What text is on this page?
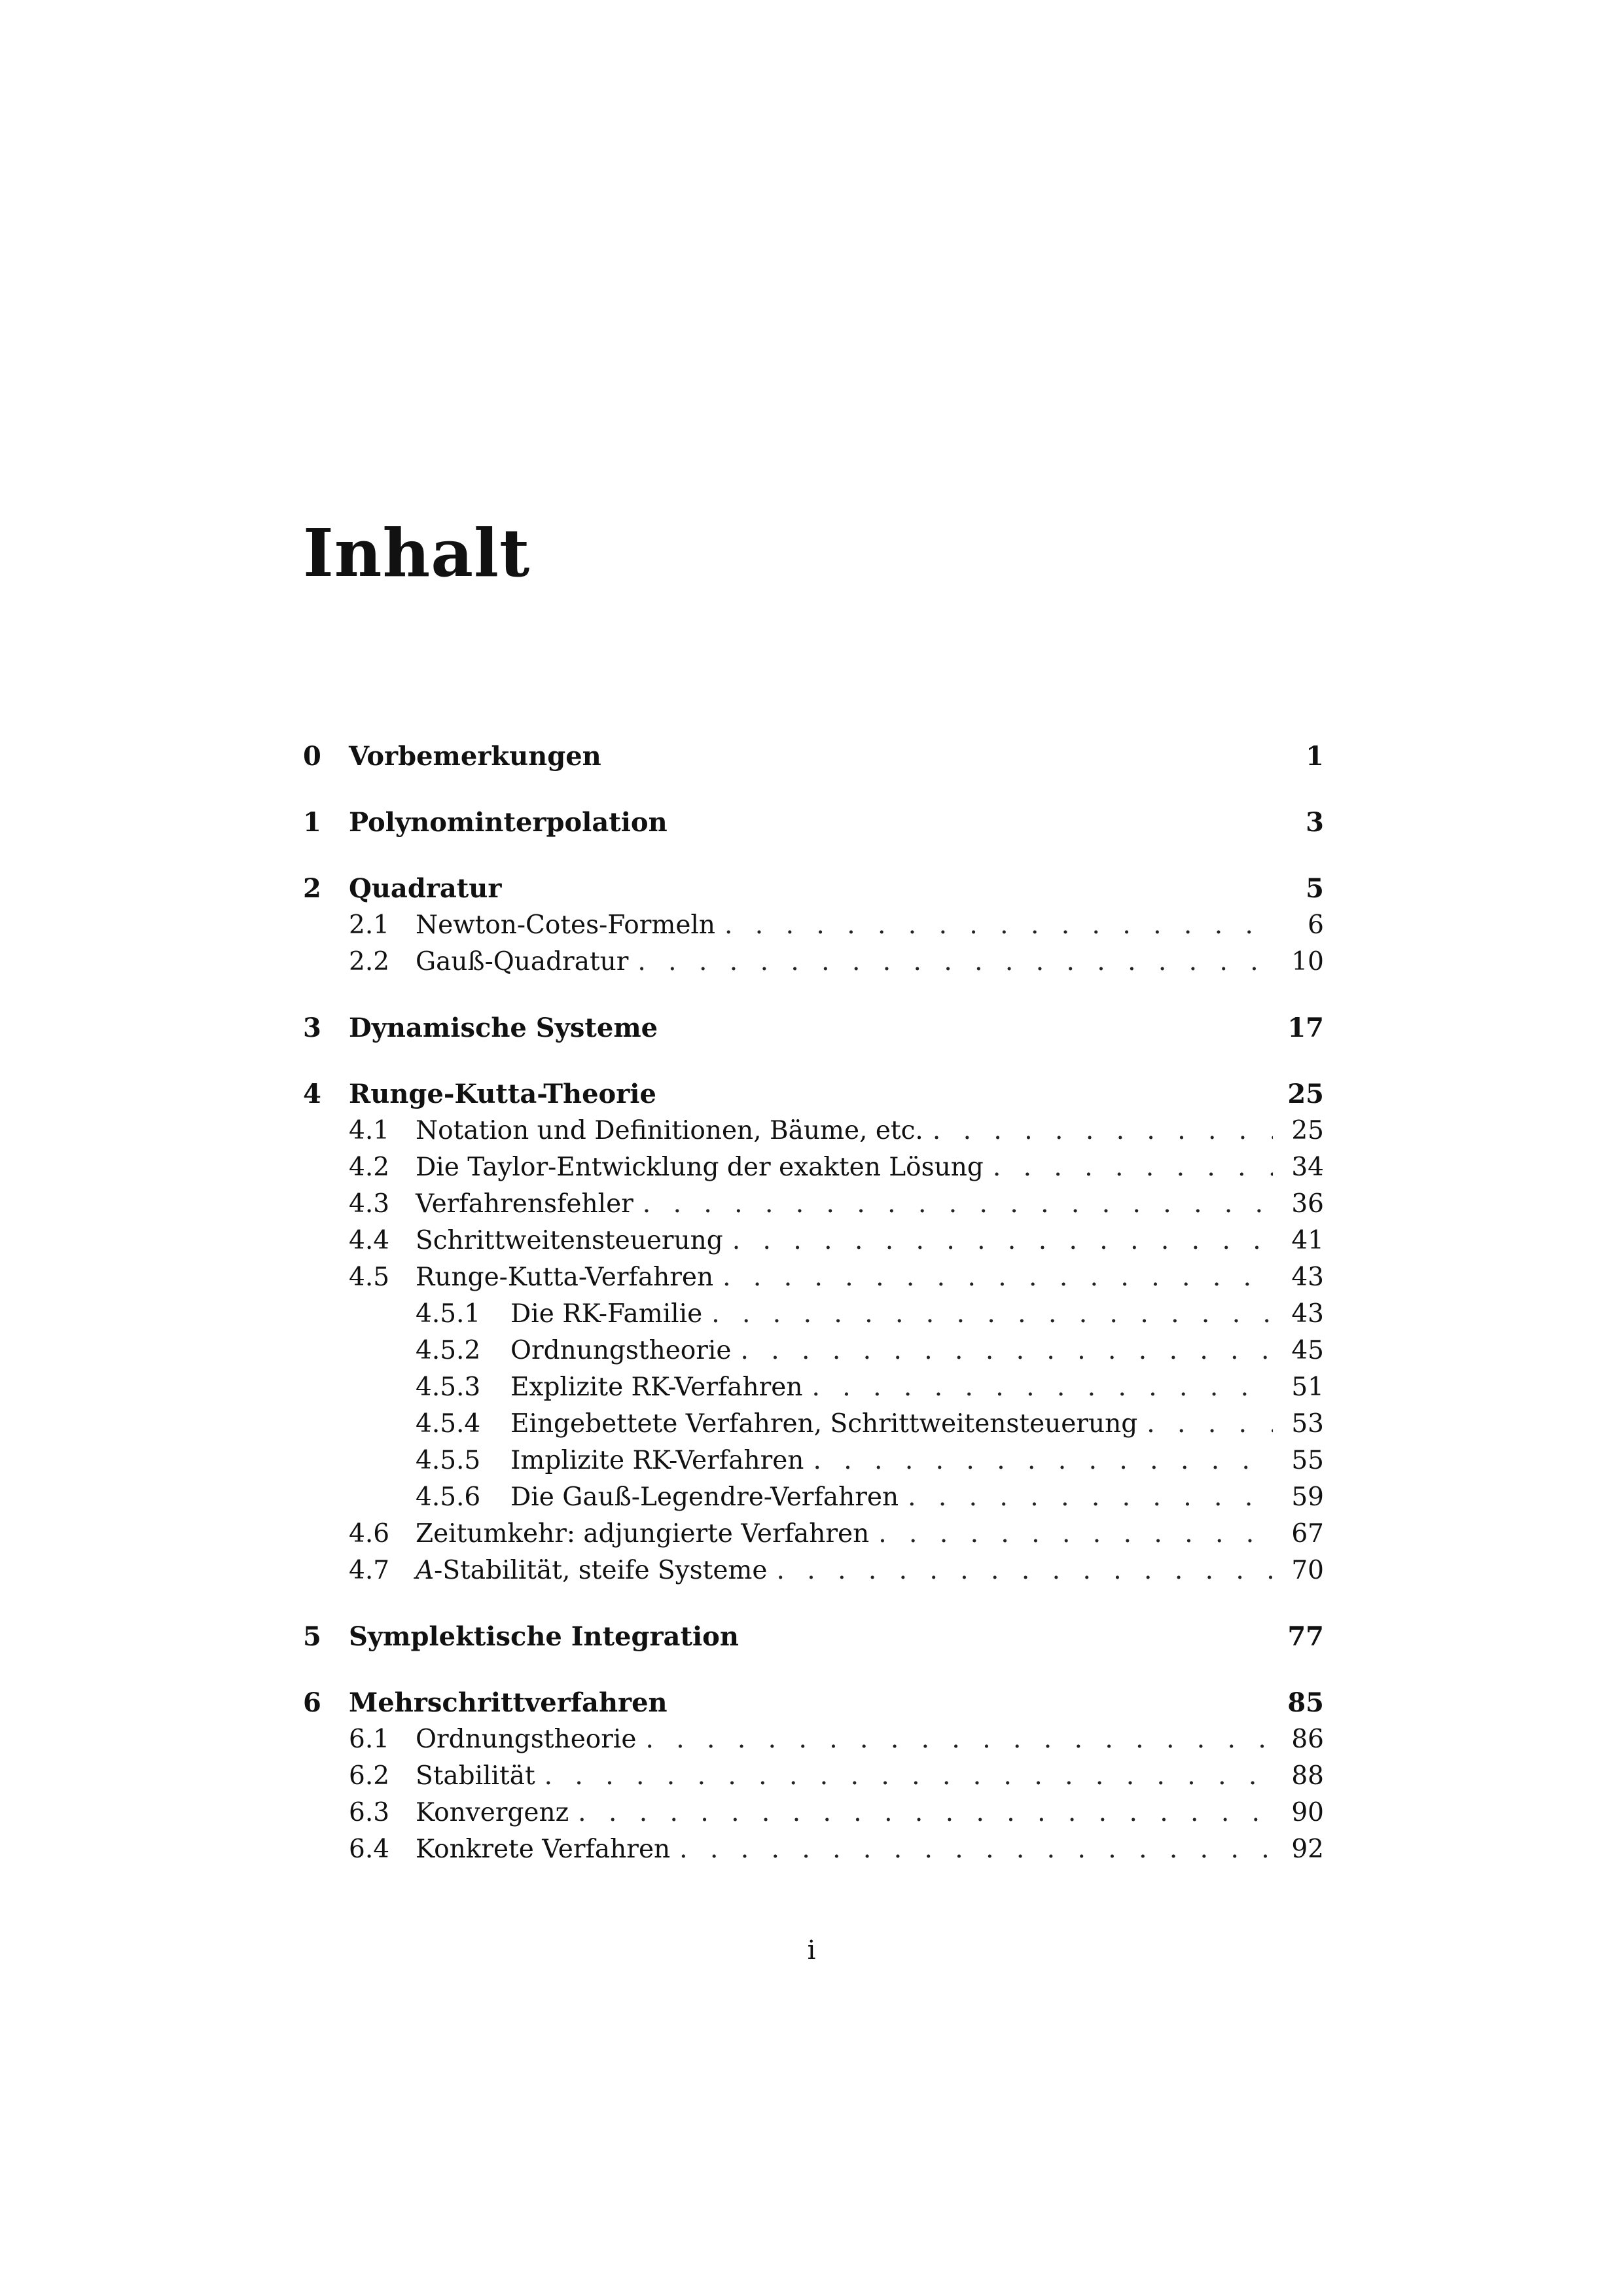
Inhalt
0	Vorbemerkungen	1
1	Polynominterpolation	3
2	Quadratur	5
2.1	Newton-Cotes-Formeln . . .	6
2.2	Gauß-Quadratur . . .	10
3	Dynamische Systeme	17
4	Runge-Kutta-Theorie	25
4.1	Notation und Definitionen, Bäume, etc. . . .	25
4.2	Die Taylor-Entwicklung der exakten Lösung . . .	34
4.3	Verfahrensfehler . . .	36
4.4	Schrittweitensteuerung . . .	41
4.5	Runge-Kutta-Verfahren . . .	43
4.5.1	Die RK-Familie . . .	43
4.5.2	Ordnungstheorie . . .	45
4.5.3	Explizite RK-Verfahren . . .	51
4.5.4	Eingebettete Verfahren, Schrittweitensteuerung . . .	53
4.5.5	Implizite RK-Verfahren . . .	55
4.5.6	Die Gauß-Legendre-Verfahren . . .	59
4.6	Zeitumkehr: adjungierte Verfahren . . .	67
4.7	A-Stabilität, steife Systeme . . .	70
5	Symplektische Integration	77
6	Mehrschrittverfahren	85
6.1	Ordnungstheorie . . .	86
6.2	Stabilität . . .	88
6.3	Konvergenz . . .	90
6.4	Konkrete Verfahren . . .	92
i
